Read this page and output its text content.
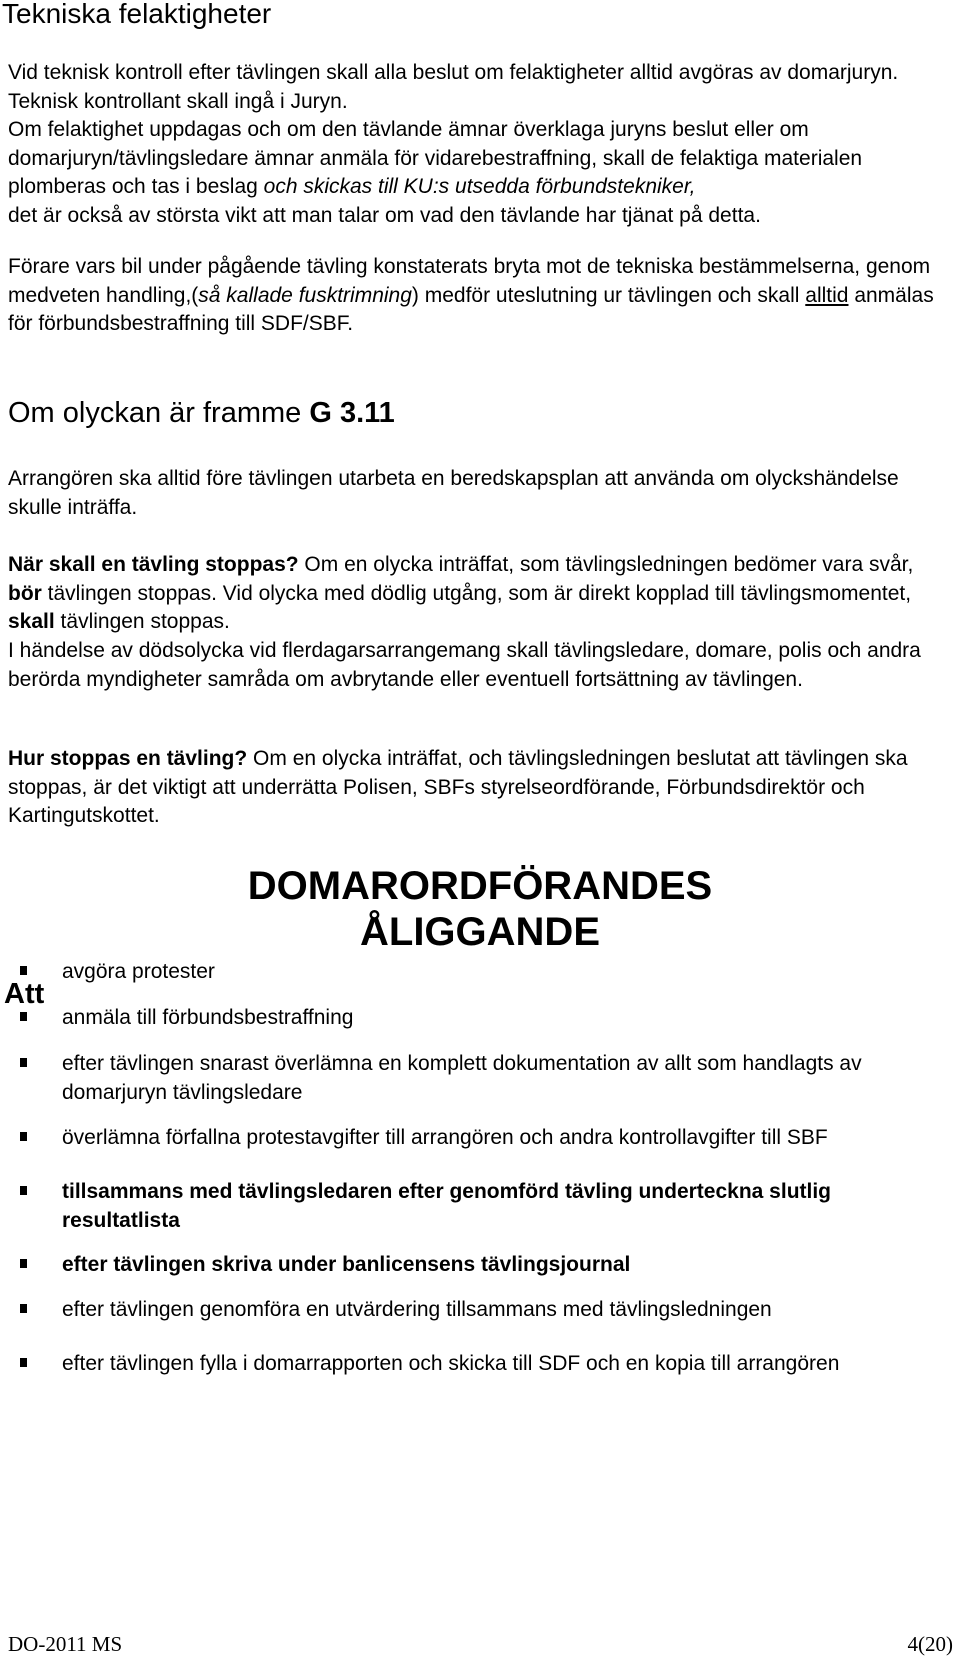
Tekniska felaktigheter
Vid teknisk kontroll efter tävlingen skall alla beslut om felaktigheter alltid avgöras av domarjuryn. Teknisk kontrollant skall ingå i Juryn.
Om felaktighet uppdagas och om den tävlande ämnar överklaga juryns beslut eller om domarjuryn/tävlingsledare ämnar anmäla för vidarebestraffning, skall de felaktiga materialen plomberas och tas i beslag och skickas till KU:s utsedda förbundstekniker,
det är också av största vikt att man talar om vad den tävlande har tjänat på detta.
Förare vars bil under pågående tävling konstaterats bryta mot de tekniska bestämmelserna, genom medveten handling,(så kallade fusktrimning) medför uteslutning ur tävlingen och skall alltid anmälas för förbundsbestraffning till SDF/SBF.
Om olyckan är framme G 3.11
Arrangören ska alltid före tävlingen utarbeta en beredskapsplan att använda om olyckshändelse skulle inträffa.
När skall en tävling stoppas? Om en olycka inträffat, som tävlingsledningen bedömer vara svår, bör tävlingen stoppas. Vid olycka med dödlig utgång, som är direkt kopplad till tävlingsmomentet, skall tävlingen stoppas.
I händelse av dödsolycka vid flerdagarsarrangemang skall tävlingsledare, domare, polis och andra berörda myndigheter samråda om avbrytande eller eventuell fortsättning av tävlingen.
Hur stoppas en tävling? Om en olycka inträffat, och tävlingsledningen beslutat att tävlingen ska stoppas, är det viktigt att underrätta Polisen, SBFs styrelseordförande, Förbundsdirektör och Kartingutskottet.
DOMARORDFÖRANDES
ÅLIGGANDE
Att
avgöra protester
anmäla till förbundsbestraffning
efter tävlingen snarast överlämna en komplett dokumentation av allt som handlagts av domarjuryn tävlingsledare
överlämna förfallna protestavgifter till arrangören och andra kontrollavgifter till SBF
tillsammans med tävlingsledaren efter genomförd tävling underteckna slutlig resultatlista
efter tävlingen skriva under banlicensens tävlingsjournal
efter tävlingen genomföra en utvärdering tillsammans med tävlingsledningen
efter tävlingen fylla i domarrapporten och skicka till SDF och en kopia till arrangören
DO-2011 MS	4(20)
